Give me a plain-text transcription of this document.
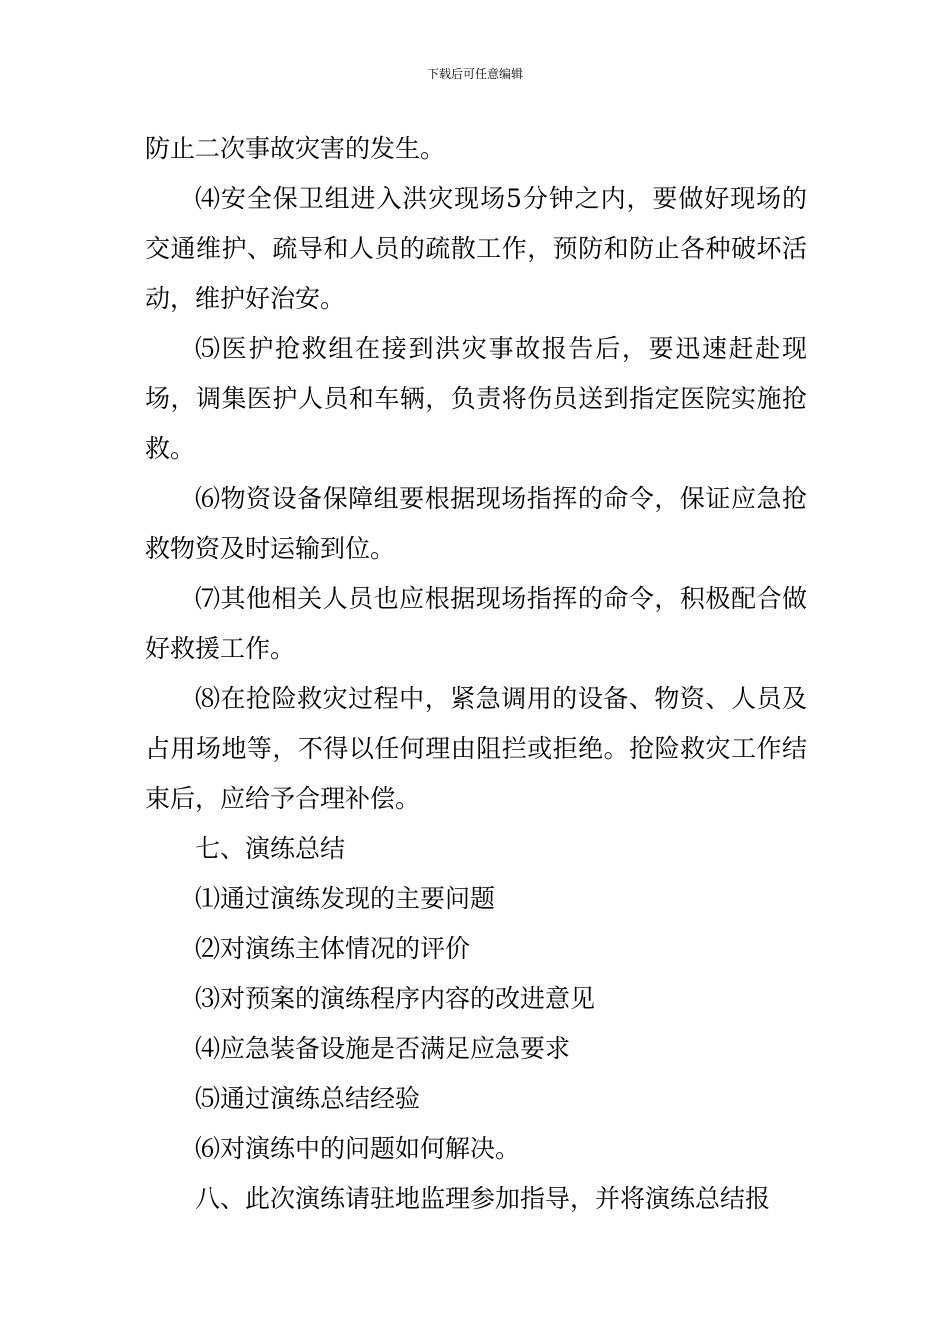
下载后可任意编辑

防止二次事故灾害的发生。

⑷安全保卫组进入洪灾现场5分钟之内，要做好现场的交通维护、疏导和人员的疏散工作，预防和防止各种破坏活动，维护好治安。

⑸医护抢救组在接到洪灾事故报告后，要迅速赶赴现场，调集医护人员和车辆，负责将伤员送到指定医院实施抢救。

⑹物资设备保障组要根据现场指挥的命令，保证应急抢救物资及时运输到位。

⑺其他相关人员也应根据现场指挥的命令，积极配合做好救援工作。

⑻在抢险救灾过程中，紧急调用的设备、物资、人员及占用场地等，不得以任何理由阻拦或拒绝。抢险救灾工作结束后，应给予合理补偿。

七、演练总结

⑴通过演练发现的主要问题

⑵对演练主体情况的评价

⑶对预案的演练程序内容的改进意见

⑷应急装备设施是否满足应急要求

⑸通过演练总结经验

⑹对演练中的问题如何解决。

八、此次演练请驻地监理参加指导，并将演练总结报
